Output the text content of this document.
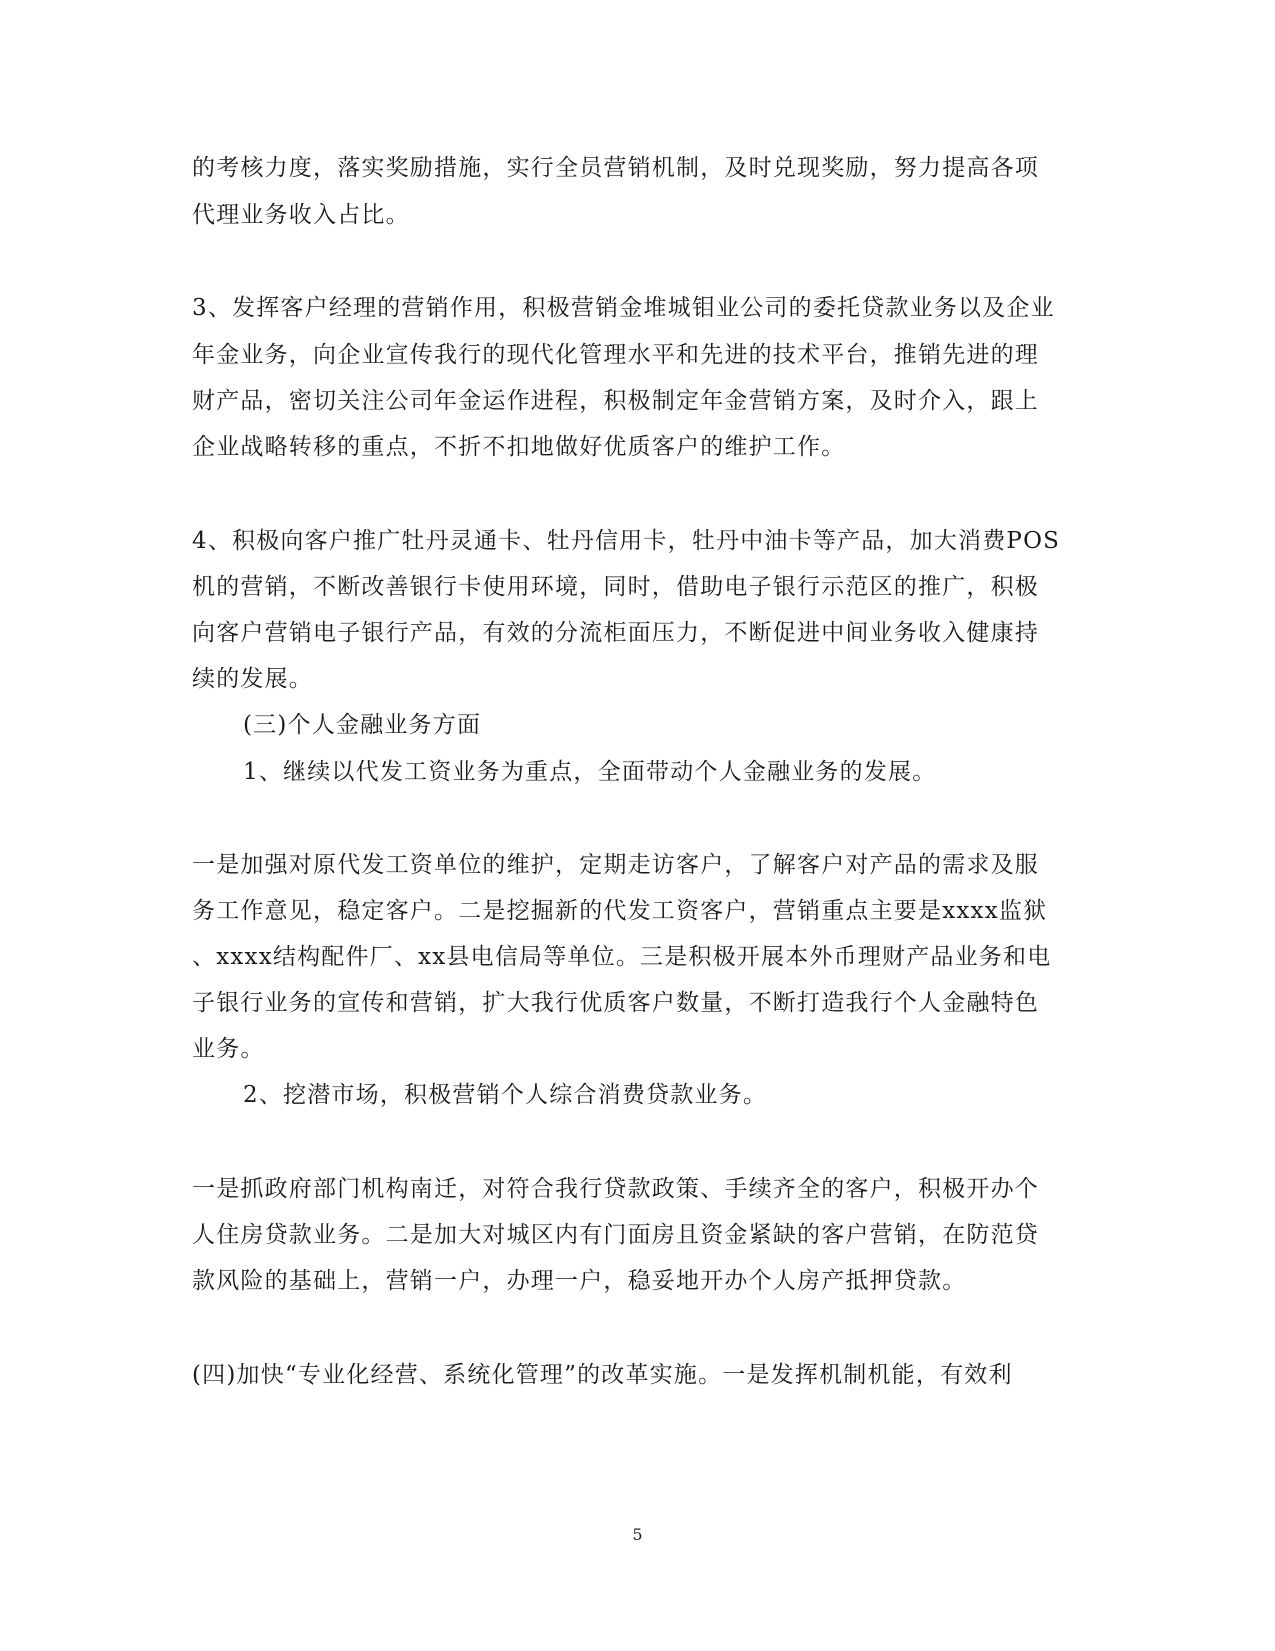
的考核力度，落实奖励措施，实行全员营销机制，及时兑现奖励，努力提高各项
代理业务收入占比。
3、发挥客户经理的营销作用，积极营销金堆城钼业公司的委托贷款业务以及企业
年金业务，向企业宣传我行的现代化管理水平和先进的技术平台，推销先进的理
财产品，密切关注公司年金运作进程，积极制定年金营销方案，及时介入，跟上
企业战略转移的重点，不折不扣地做好优质客户的维护工作。
4、积极向客户推广牡丹灵通卡、牡丹信用卡，牡丹中油卡等产品，加大消费POS
机的营销，不断改善银行卡使用环境，同时，借助电子银行示范区的推广，积极
向客户营销电子银行产品，有效的分流柜面压力，不断促进中间业务收入健康持
续的发展。
(三)个人金融业务方面
1、继续以代发工资业务为重点，全面带动个人金融业务的发展。
一是加强对原代发工资单位的维护，定期走访客户，了解客户对产品的需求及服
务工作意见，稳定客户。二是挖掘新的代发工资客户，营销重点主要是xxxx监狱
、xxxx结构配件厂、xx县电信局等单位。三是积极开展本外币理财产品业务和电
子银行业务的宣传和营销，扩大我行优质客户数量，不断打造我行个人金融特色
业务。
2、挖潜市场，积极营销个人综合消费贷款业务。
一是抓政府部门机构南迁，对符合我行贷款政策、手续齐全的客户，积极开办个
人住房贷款业务。二是加大对城区内有门面房且资金紧缺的客户营销，在防范贷
款风险的基础上，营销一户，办理一户，稳妥地开办个人房产抵押贷款。
(四)加快“专业化经营、系统化管理”的改革实施。一是发挥机制机能，有效利
5
